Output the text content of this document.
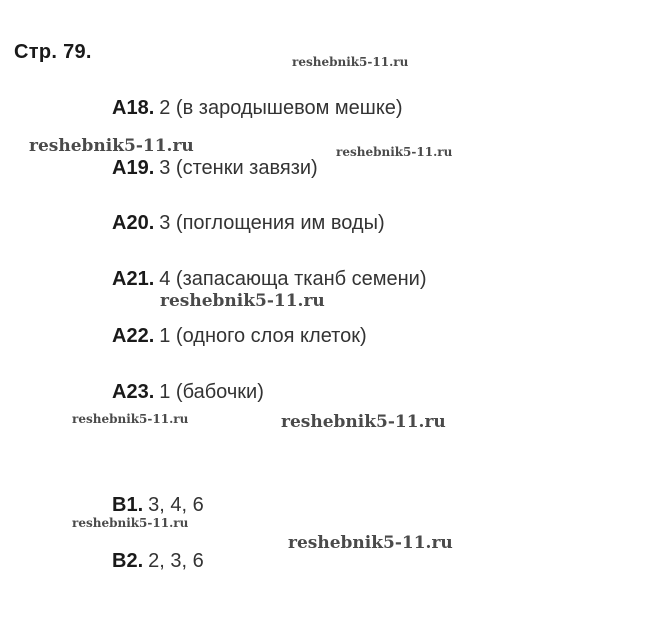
Стр. 79.
А18. 2 (в зародышевом мешке)
А19. 3 (стенки завязи)
А20. 3 (поглощения им воды)
А21. 4 (запасающа тканб семени)
А22. 1 (одного слоя клеток)
А23. 1 (бабочки)
В1. 3, 4, 6
В2. 2, 3, 6
reshebnik5-11.ru
reshebnik5-11.ru	reshebnik5-11.ru
reshebnik5-11.ru
reshebnik5-11.ru	reshebnik5-11.ru
reshebnik5-11.ru
reshebnik5-11.ru
